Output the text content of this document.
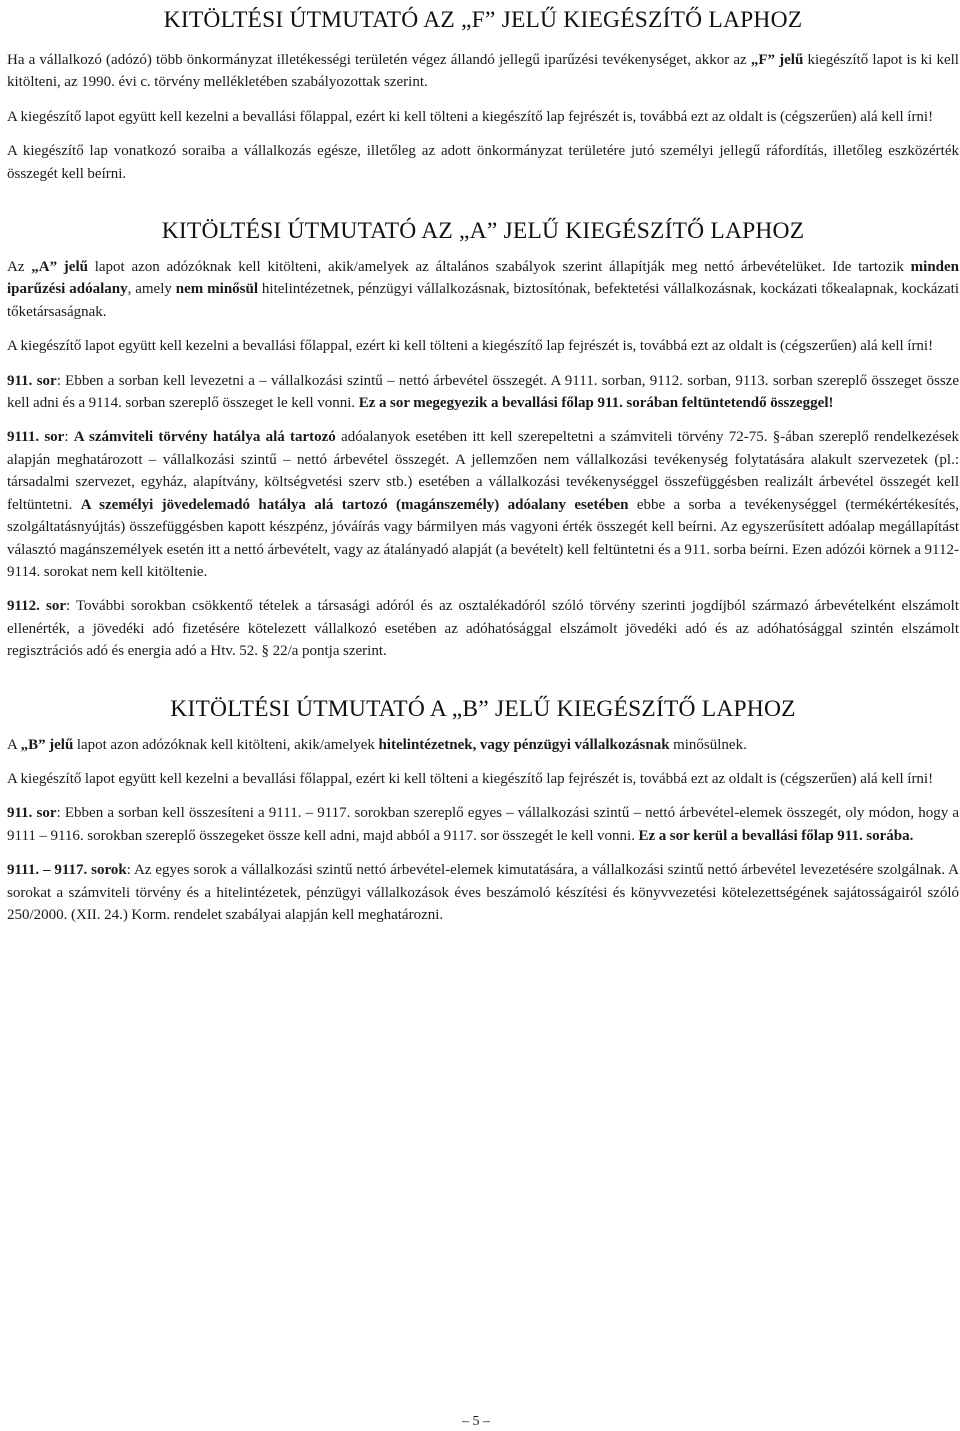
KITÖLTÉSI ÚTMUTATÓ AZ „F” JELŰ KIEGÉSZÍTŐ LAPHOZ

Ha a vállalkozó (adózó) több önkormányzat illetékességi területén végez állandó jellegű iparűzési tevékenységet, akkor az „F” jelű kiegészítő lapot is ki kell kitölteni, az 1990. évi c. törvény mellékletében szabályozottak szerint.

A kiegészítő lapot együtt kell kezelni a bevallási főlappal, ezért ki kell tölteni a kiegészítő lap fejrészét is, továbbá ezt az oldalt is (cégszerűen) alá kell írni!

A kiegészítő lap vonatkozó soraiba a vállalkozás egésze, illetőleg az adott önkormányzat területére jutó személyi jellegű ráfordítás, illetőleg eszközérték összegét kell beírni.

KITÖLTÉSI ÚTMUTATÓ AZ „A” JELŰ KIEGÉSZÍTŐ LAPHOZ

Az „A” jelű lapot azon adózóknak kell kitölteni, akik/amelyek az általános szabályok szerint állapítják meg nettó árbevételüket. Ide tartozik minden iparűzési adóalany, amely nem minősül hitelintézetnek, pénzügyi vállalkozásnak, biztosítónak, befektetési vállalkozásnak, kockázati tőkealapnak, kockázati tőketársaságnak.

A kiegészítő lapot együtt kell kezelni a bevallási főlappal, ezért ki kell tölteni a kiegészítő lap fejrészét is, továbbá ezt az oldalt is (cégszerűen) alá kell írni!

911. sor: Ebben a sorban kell levezetni a – vállalkozási szintű – nettó árbevétel összegét. A 9111. sorban, 9112. sorban, 9113. sorban szereplő összeget össze kell adni és a 9114. sorban szereplő összeget le kell vonni. Ez a sor megegyezik a bevallási főlap 911. sorában feltüntetendő összeggel!

9111. sor: A számviteli törvény hatálya alá tartozó adóalanyok esetében itt kell szerepeltetni a számviteli törvény 72-75. §-ában szereplő rendelkezések alapján meghatározott – vállalkozási szintű – nettó árbevétel összegét. A jellemzően nem vállalkozási tevékenység folytatására alakult szervezetek (pl.: társadalmi szervezet, egyház, alapítvány, költségvetési szerv stb.) esetében a vállalkozási tevékenységgel összefüggésben realizált árbevétel összegét kell feltüntetni. A személyi jövedelemadó hatálya alá tartozó (magánszemély) adóalany esetében ebbe a sorba a tevékenységgel (termékértékesítés, szolgáltatásnyújtás) összefüggésben kapott készpénz, jóváírás vagy bármilyen más vagyoni érték összegét kell beírni. Az egyszerűsített adóalap megállapítást választó magánszemélyek esetén itt a nettó árbevételt, vagy az átalányadó alapját (a bevételt) kell feltüntetni és a 911. sorba beírni. Ezen adózói körnek a 9112-9114. sorokat nem kell kitöltenie.

9112. sor: További sorokban csökkentő tételek a társasági adóról és az osztalékadóról szóló törvény szerinti jogdíjból származó árbevételként elszámolt ellenérték, a jövedéki adó fizetésére kötelezett vállalkozó esetében az adóhatósággal elszámolt jövedéki adó és az adóhatósággal szintén elszámolt regisztrációs adó és energia adó a Htv. 52. § 22/a pontja szerint.

KITÖLTÉSI ÚTMUTATÓ A „B” JELŰ KIEGÉSZÍTŐ LAPHOZ

A „B” jelű lapot azon adózóknak kell kitölteni, akik/amelyek hitelintézetnek, vagy pénzügyi vállalkozásnak minősülnek.

A kiegészítő lapot együtt kell kezelni a bevallási főlappal, ezért ki kell tölteni a kiegészítő lap fejrészét is, továbbá ezt az oldalt is (cégszerűen) alá kell írni!

911. sor: Ebben a sorban kell összesíteni a 9111. – 9117. sorokban szereplő egyes – vállalkozási szintű – nettó árbevétel-elemek összegét, oly módon, hogy a 9111 – 9116. sorokban szereplő összegeket össze kell adni, majd abból a 9117. sor összegét le kell vonni. Ez a sor kerül a bevallási főlap 911. sorába.

9111. – 9117. sorok: Az egyes sorok a vállalkozási szintű nettó árbevétel-elemek kimutatására, a vállalkozási szintű nettó árbevétel levezetésére szolgálnak. A sorokat a számviteli törvény és a hitelintézetek, pénzügyi vállalkozások éves beszámoló készítési és könyvvezetési kötelezettségének sajátosságairól szóló 250/2000. (XII. 24.) Korm. rendelet szabályai alapján kell meghatározni.

– 5 –
